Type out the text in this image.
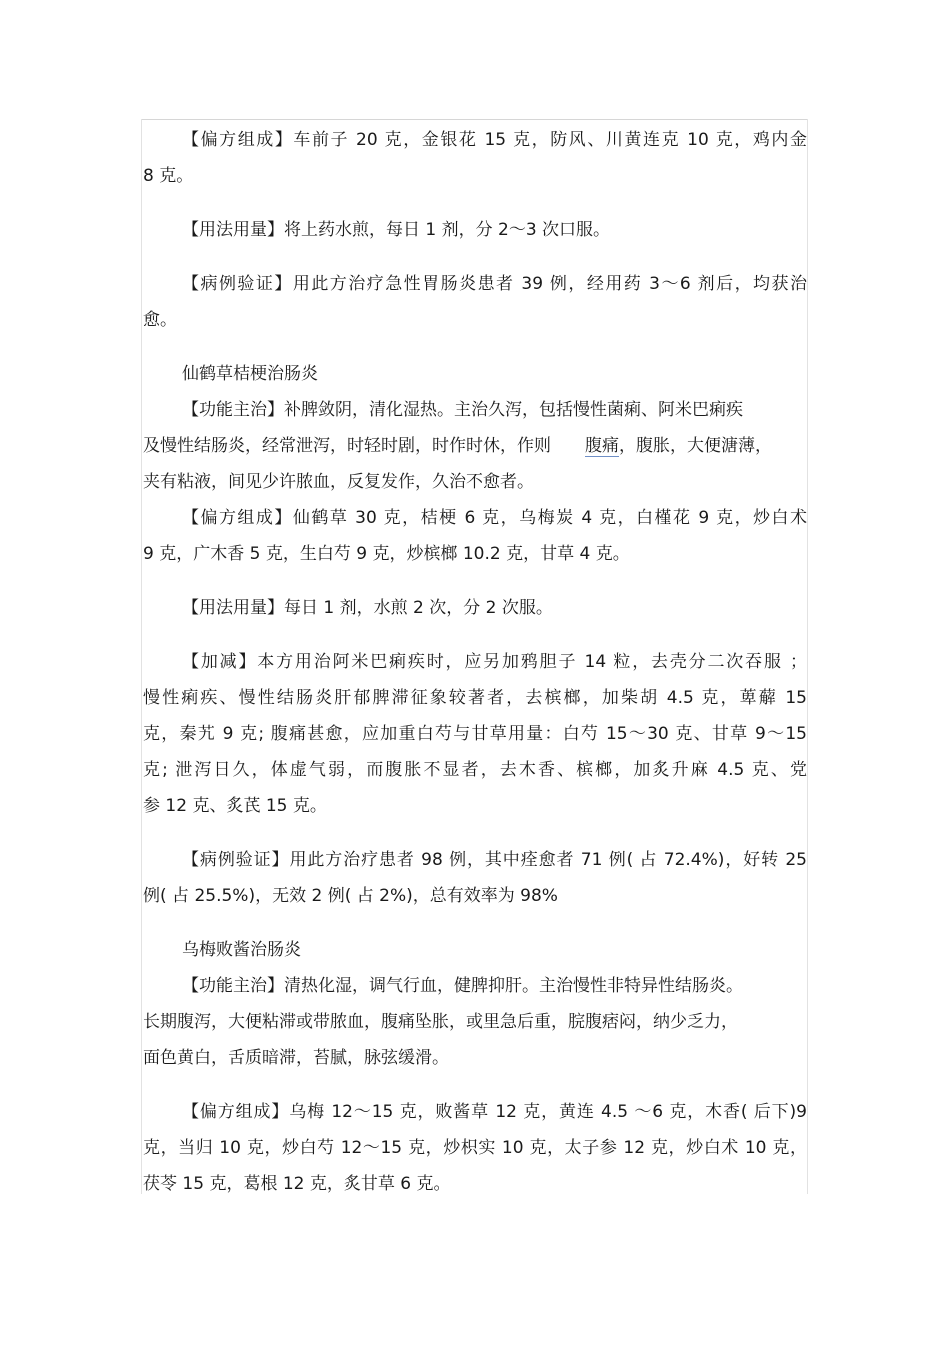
【偏方组成】车前子 20 克，金银花 15 克，防风、川黄连克 10 克，鸡内金
8 克。
【用法用量】将上药水煎，每日 1 剂，分 2～3 次口服。
【病例验证】用此方治疗急性胃肠炎患者 39 例，经用药 3～6 剂后，均获治
愈。
仙鹤草桔梗治肠炎
【功能主治】补脾敛阴，清化湿热。主治久泻，包括慢性菌痢、阿米巴痢疾
及慢性结肠炎，经常泄泻，时轻时剧，时作时休，作则 腹痛，腹胀，大便溏薄，
夹有粘液，间见少许脓血，反复发作，久治不愈者。
【偏方组成】仙鹤草 30 克，桔梗 6 克，乌梅炭 4 克，白槿花 9 克，炒白术
9 克，广木香 5 克，生白芍 9 克，炒槟榔 10.2 克，甘草 4 克。
【用法用量】每日 1 剂，水煎 2 次，分 2 次服。
【加减】本方用治阿米巴痢疾时，应另加鸦胆子 14 粒，去壳分二次吞服 ；
慢性痢疾、慢性结肠炎肝郁脾滞征象较著者，去槟榔，加柴胡 4.5 克，萆薢 15
克，秦艽 9 克; 腹痛甚愈，应加重白芍与甘草用量：白芍 15～30 克、甘草 9～15
克; 泄泻日久，体虚气弱，而腹胀不显者，去木香、槟榔，加炙升麻 4.5 克、党
参 12 克、炙芪 15 克。
【病例验证】用此方治疗患者 98 例，其中痊愈者 71 例( 占 72.4%)，好转 25
例( 占 25.5%)，无效 2 例( 占 2%)，总有效率为 98%
乌梅败酱治肠炎
【功能主治】清热化湿，调气行血，健脾抑肝。主治慢性非特异性结肠炎。
长期腹泻，大便粘滞或带脓血，腹痛坠胀，或里急后重，脘腹痞闷，纳少乏力，
面色黄白，舌质暗滞，苔腻，脉弦缓滑。
【偏方组成】乌梅 12～15 克，败酱草 12 克，黄连 4.5 ～6 克，木香( 后下)9
克，当归 10 克，炒白芍 12～15 克，炒枳实 10 克，太子参 12 克，炒白术 10 克，
茯苓 15 克，葛根 12 克，炙甘草 6 克。
